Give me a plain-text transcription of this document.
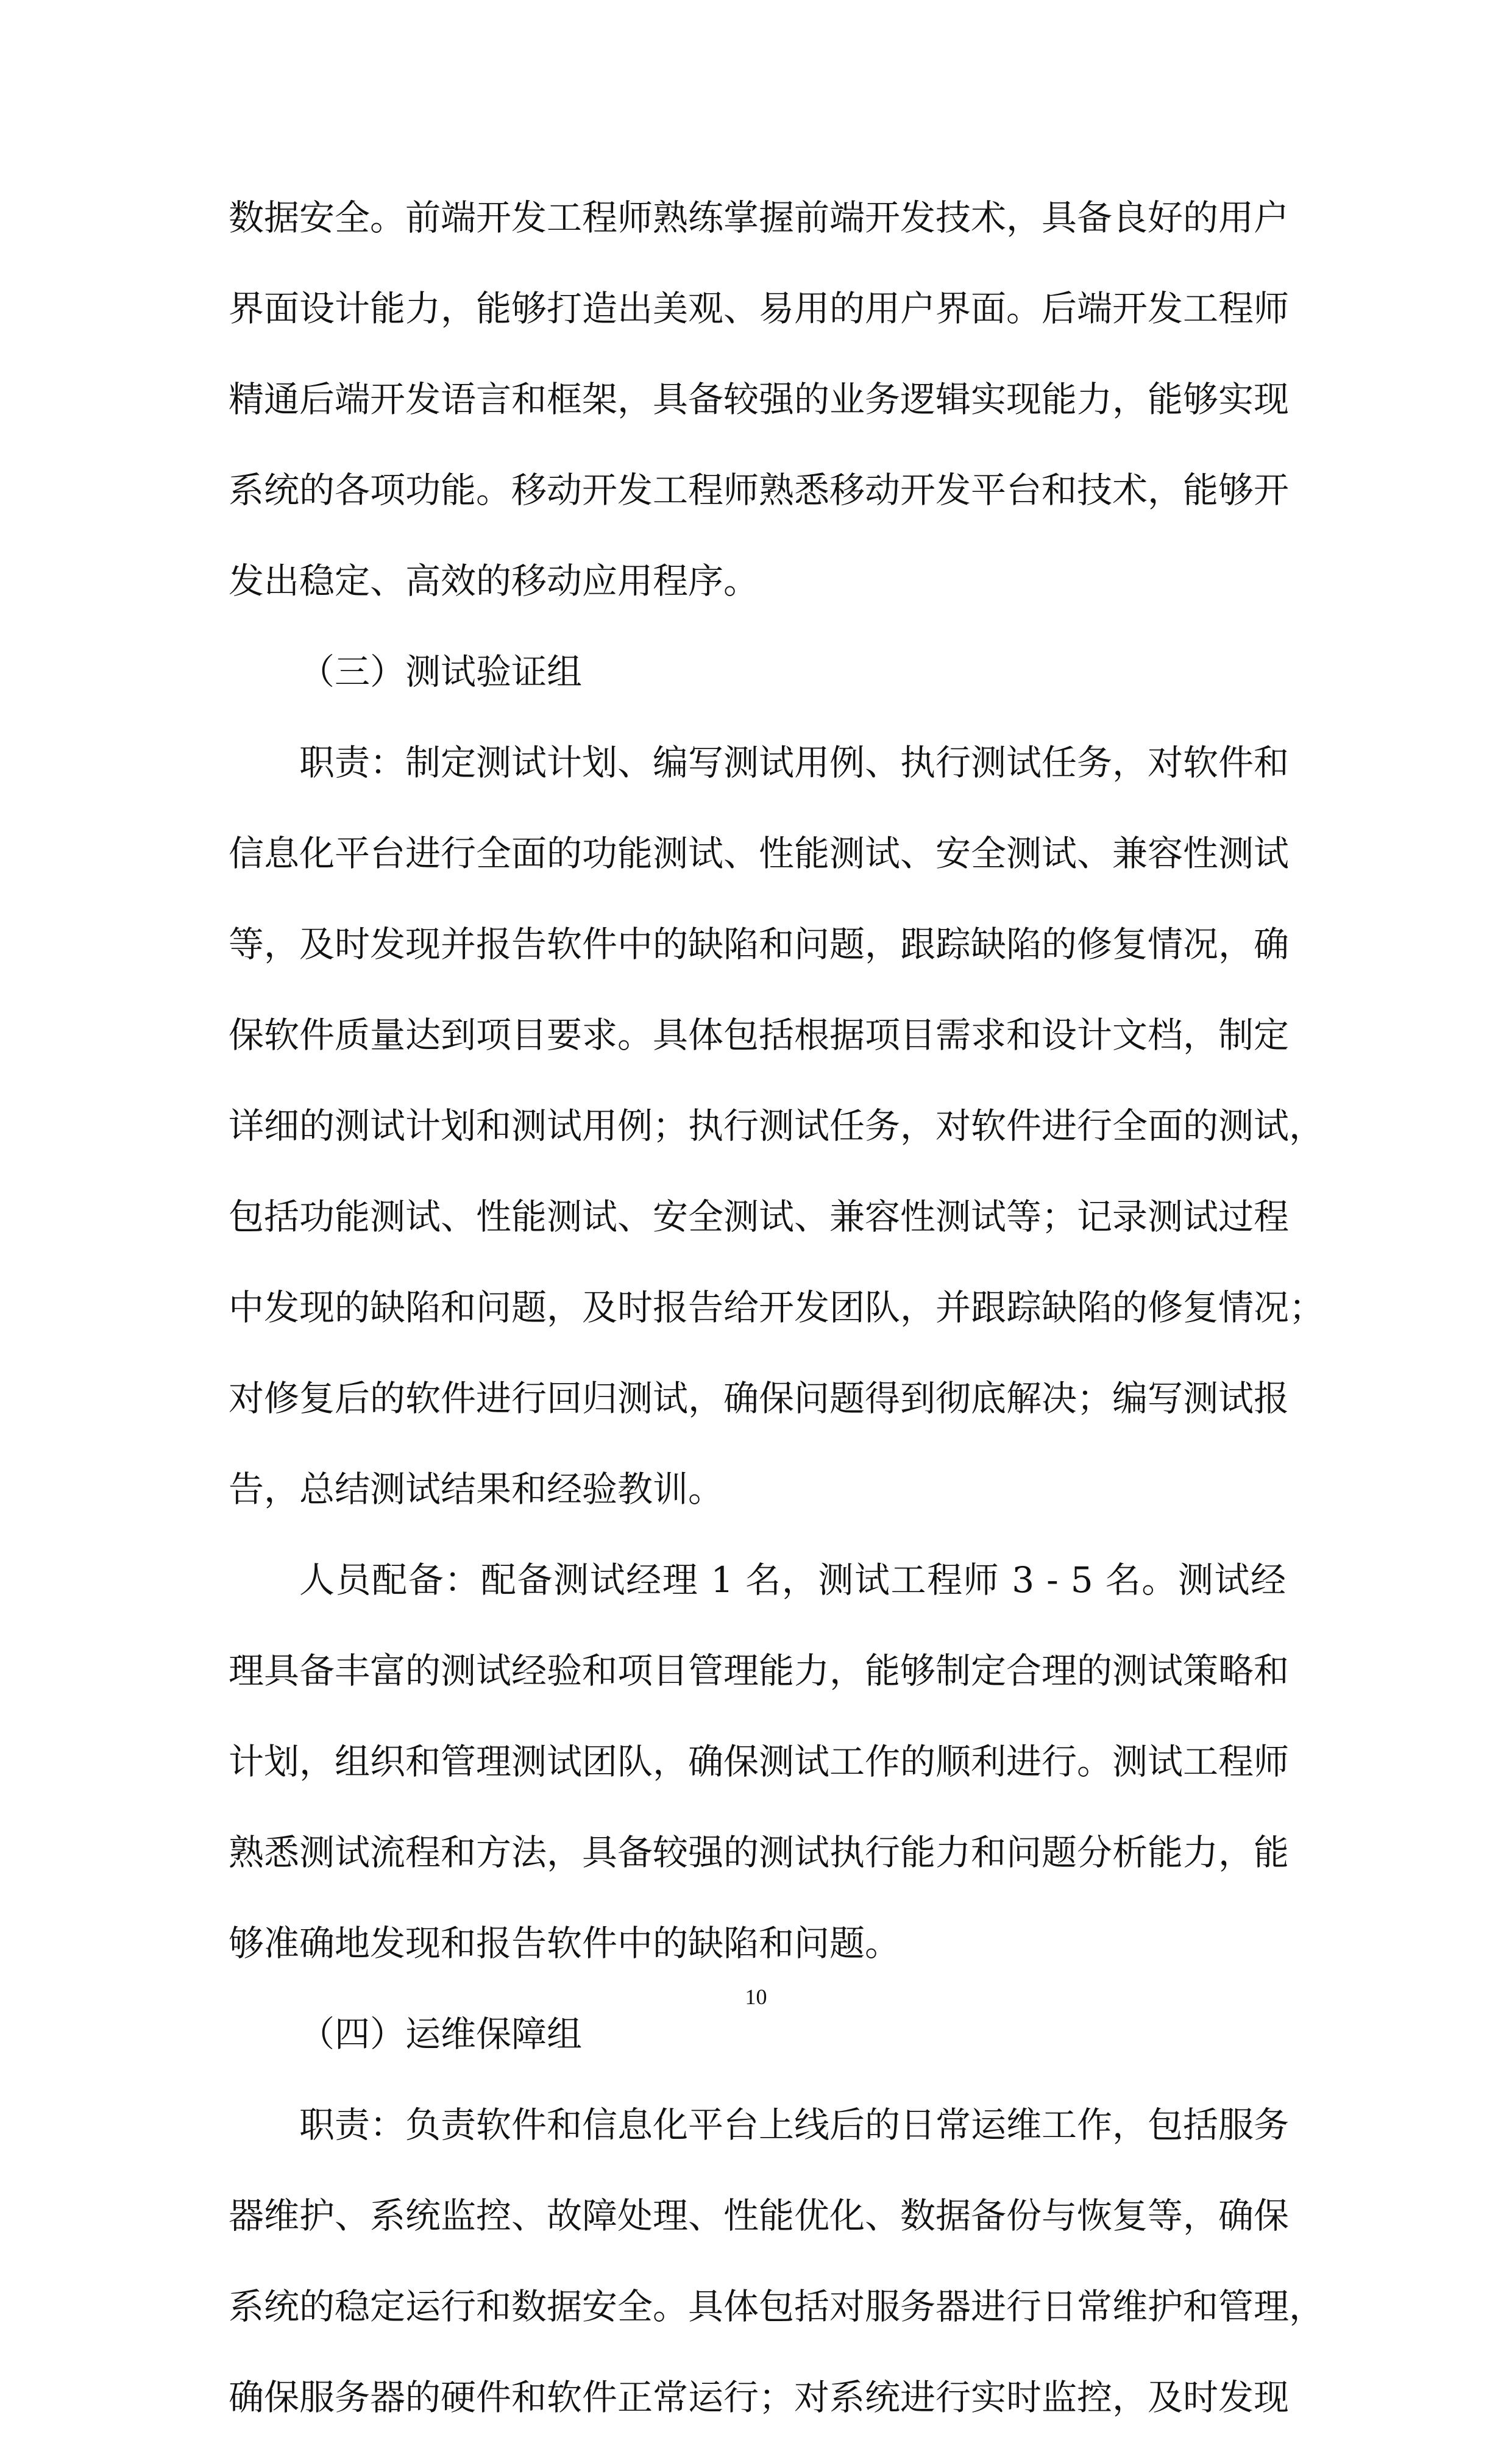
数据安全。前端开发工程师熟练掌握前端开发技术，具备良好的用户
界面设计能力，能够打造出美观、易用的用户界面。后端开发工程师
精通后端开发语言和框架，具备较强的业务逻辑实现能力，能够实现
系统的各项功能。移动开发工程师熟悉移动开发平台和技术，能够开
发出稳定、高效的移动应用程序。
（三）测试验证组
职责：制定测试计划、编写测试用例、执行测试任务，对软件和
信息化平台进行全面的功能测试、性能测试、安全测试、兼容性测试
等，及时发现并报告软件中的缺陷和问题，跟踪缺陷的修复情况，确
保软件质量达到项目要求。具体包括根据项目需求和设计文档，制定
详细的测试计划和测试用例；执行测试任务，对软件进行全面的测试，
包括功能测试、性能测试、安全测试、兼容性测试等；记录测试过程
中发现的缺陷和问题，及时报告给开发团队，并跟踪缺陷的修复情况；
对修复后的软件进行回归测试，确保问题得到彻底解决；编写测试报
告，总结测试结果和经验教训。
人员配备：配备测试经理 1 名，测试工程师 3 - 5 名。测试经
理具备丰富的测试经验和项目管理能力，能够制定合理的测试策略和
计划，组织和管理测试团队，确保测试工作的顺利进行。测试工程师
熟悉测试流程和方法，具备较强的测试执行能力和问题分析能力，能
够准确地发现和报告软件中的缺陷和问题。
（四）运维保障组
职责：负责软件和信息化平台上线后的日常运维工作，包括服务
器维护、系统监控、故障处理、性能优化、数据备份与恢复等，确保
系统的稳定运行和数据安全。具体包括对服务器进行日常维护和管理，
确保服务器的硬件和软件正常运行；对系统进行实时监控，及时发现
10
